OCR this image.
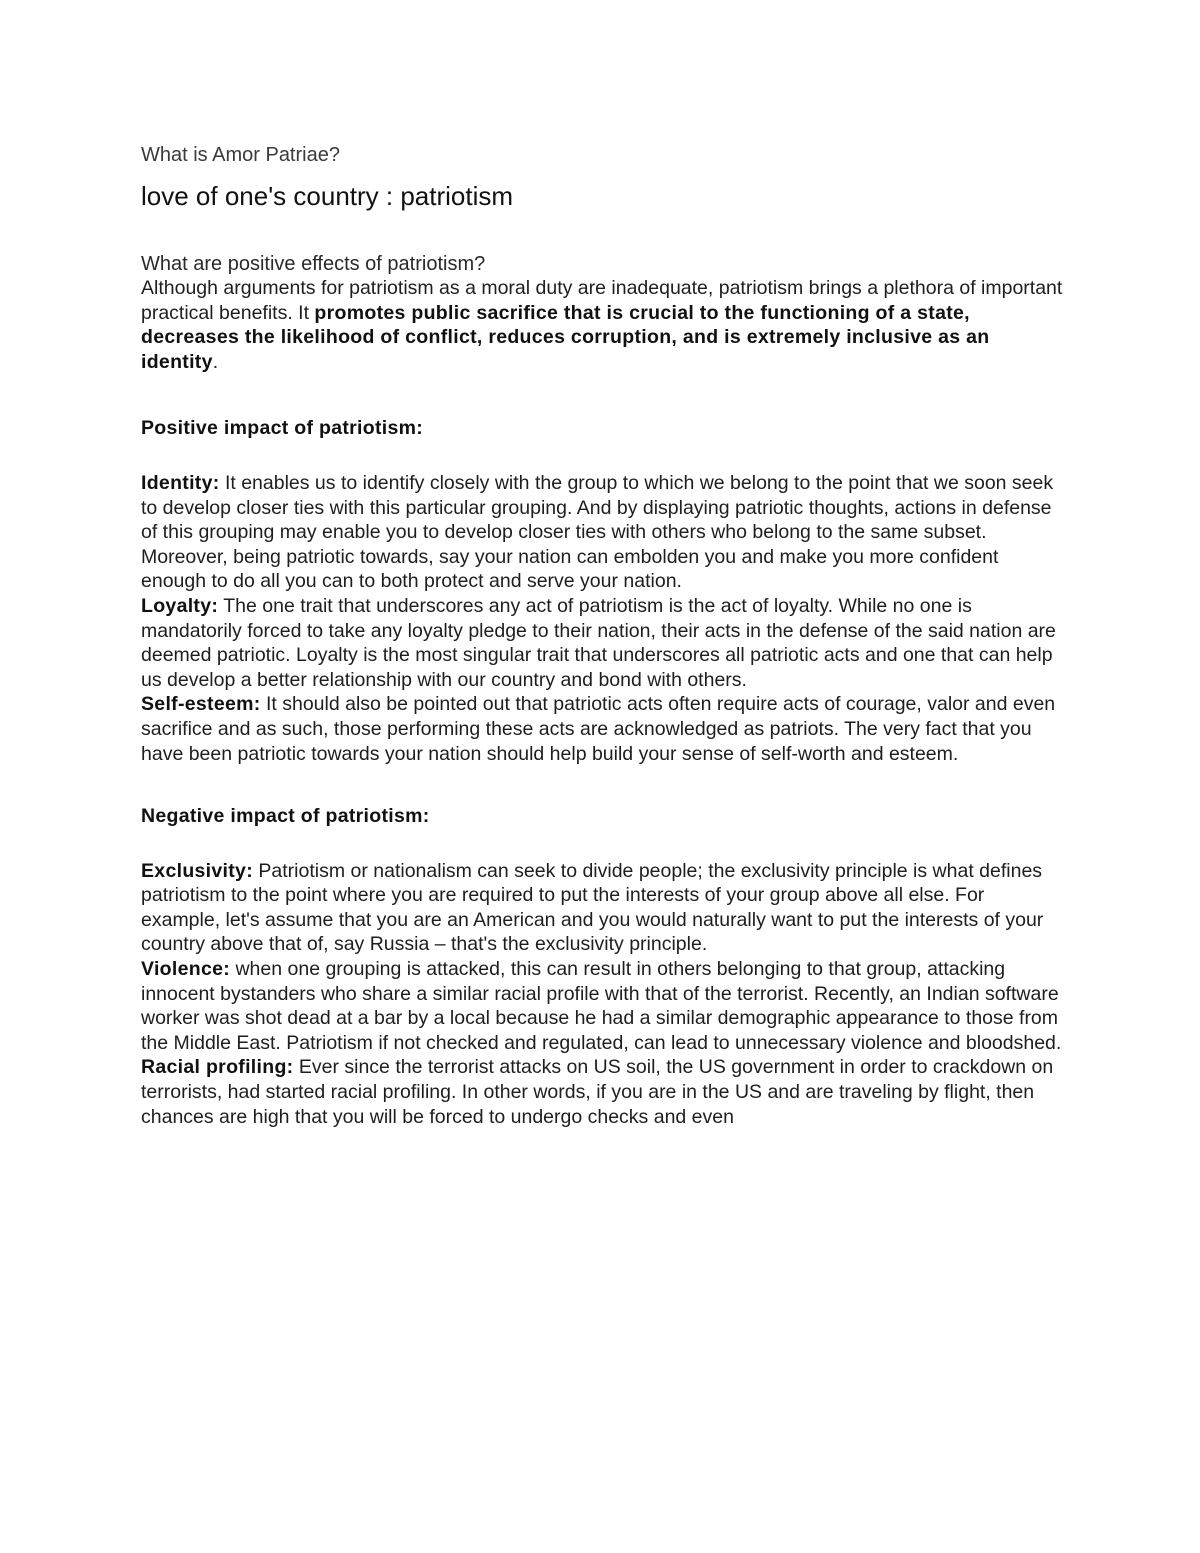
What is Amor Patriae?
love of one's country : patriotism
What are positive effects of patriotism?

Although arguments for patriotism as a moral duty are inadequate, patriotism brings a plethora of important practical benefits. It promotes public sacrifice that is crucial to the functioning of a state, decreases the likelihood of conflict, reduces corruption, and is extremely inclusive as an identity.

Positive impact of patriotism:

Identity: It enables us to identify closely with the group to which we belong to the point that we soon seek to develop closer ties with this particular grouping. And by displaying patriotic thoughts, actions in defense of this grouping may enable you to develop closer ties with others who belong to the same subset. Moreover, being patriotic towards, say your nation can embolden you and make you more confident enough to do all you can to both protect and serve your nation.

Loyalty: The one trait that underscores any act of patriotism is the act of loyalty. While no one is mandatorily forced to take any loyalty pledge to their nation, their acts in the defense of the said nation are deemed patriotic. Loyalty is the most singular trait that underscores all patriotic acts and one that can help us develop a better relationship with our country and bond with others.

Self-esteem: It should also be pointed out that patriotic acts often require acts of courage, valor and even sacrifice and as such, those performing these acts are acknowledged as patriots. The very fact that you have been patriotic towards your nation should help build your sense of self-worth and esteem.

Negative impact of patriotism:

Exclusivity: Patriotism or nationalism can seek to divide people; the exclusivity principle is what defines patriotism to the point where you are required to put the interests of your group above all else. For example, let's assume that you are an American and you would naturally want to put the interests of your country above that of, say Russia – that's the exclusivity principle.

Violence: when one grouping is attacked, this can result in others belonging to that group, attacking innocent bystanders who share a similar racial profile with that of the terrorist. Recently, an Indian software worker was shot dead at a bar by a local because he had a similar demographic appearance to those from the Middle East. Patriotism if not checked and regulated, can lead to unnecessary violence and bloodshed.

Racial profiling: Ever since the terrorist attacks on US soil, the US government in order to crackdown on terrorists, had started racial profiling. In other words, if you are in the US and are traveling by flight, then chances are high that you will be forced to undergo checks and even
